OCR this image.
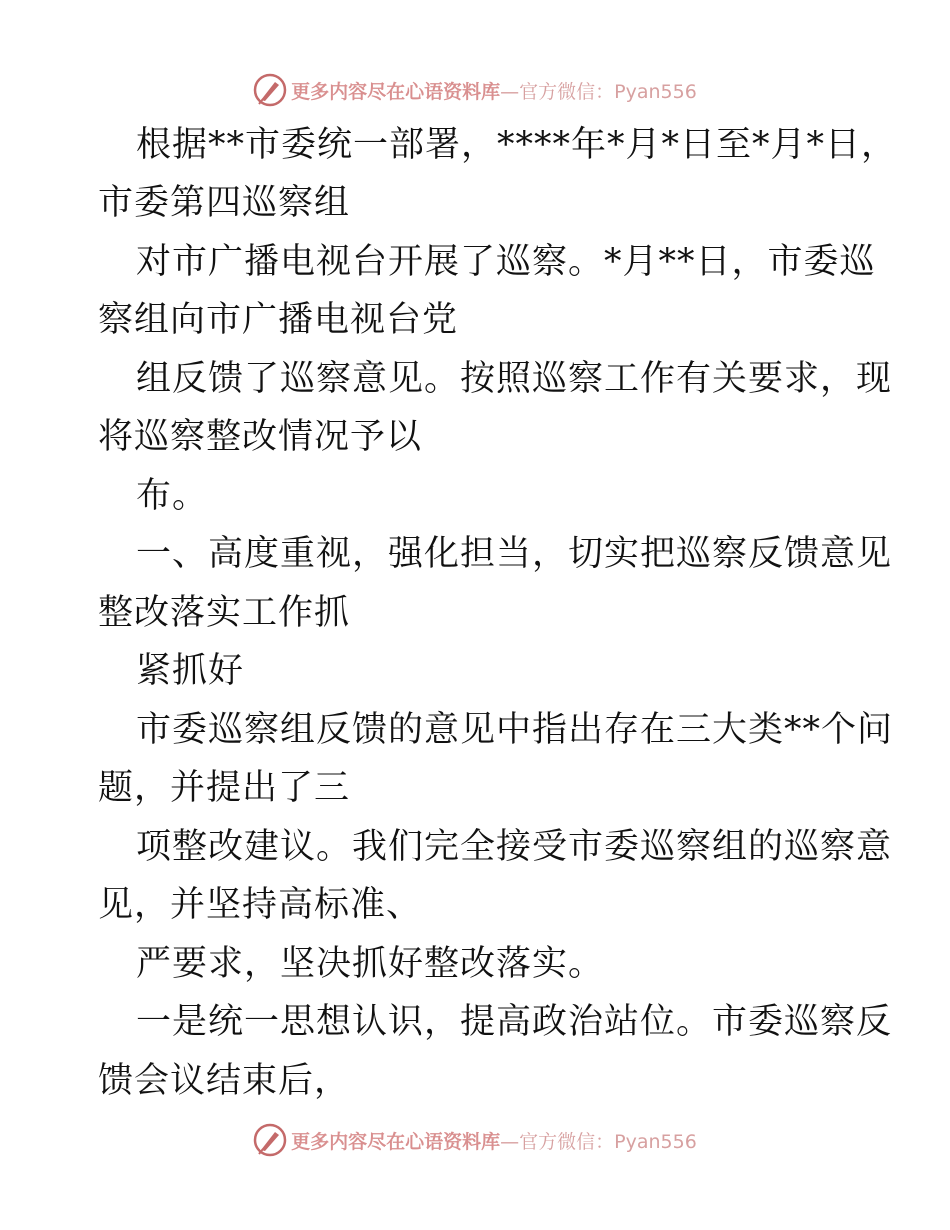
更多内容尽在心语资料库—官方微信：Pyan556
根据**市委统一部署，****年*月*日至*月*日，
市委第四巡察组
对市广播电视台开展了巡察。*月**日，市委巡
察组向市广播电视台党
组反馈了巡察意见。按照巡察工作有关要求，现
将巡察整改情况予以
布。
一、高度重视，强化担当，切实把巡察反馈意见
整改落实工作抓
紧抓好
市委巡察组反馈的意见中指出存在三大类**个问
题，并提出了三
项整改建议。我们完全接受市委巡察组的巡察意
见，并坚持高标准、
严要求，坚决抓好整改落实。
一是统一思想认识，提高政治站位。市委巡察反
馈会议结束后，
更多内容尽在心语资料库—官方微信：Pyan556
